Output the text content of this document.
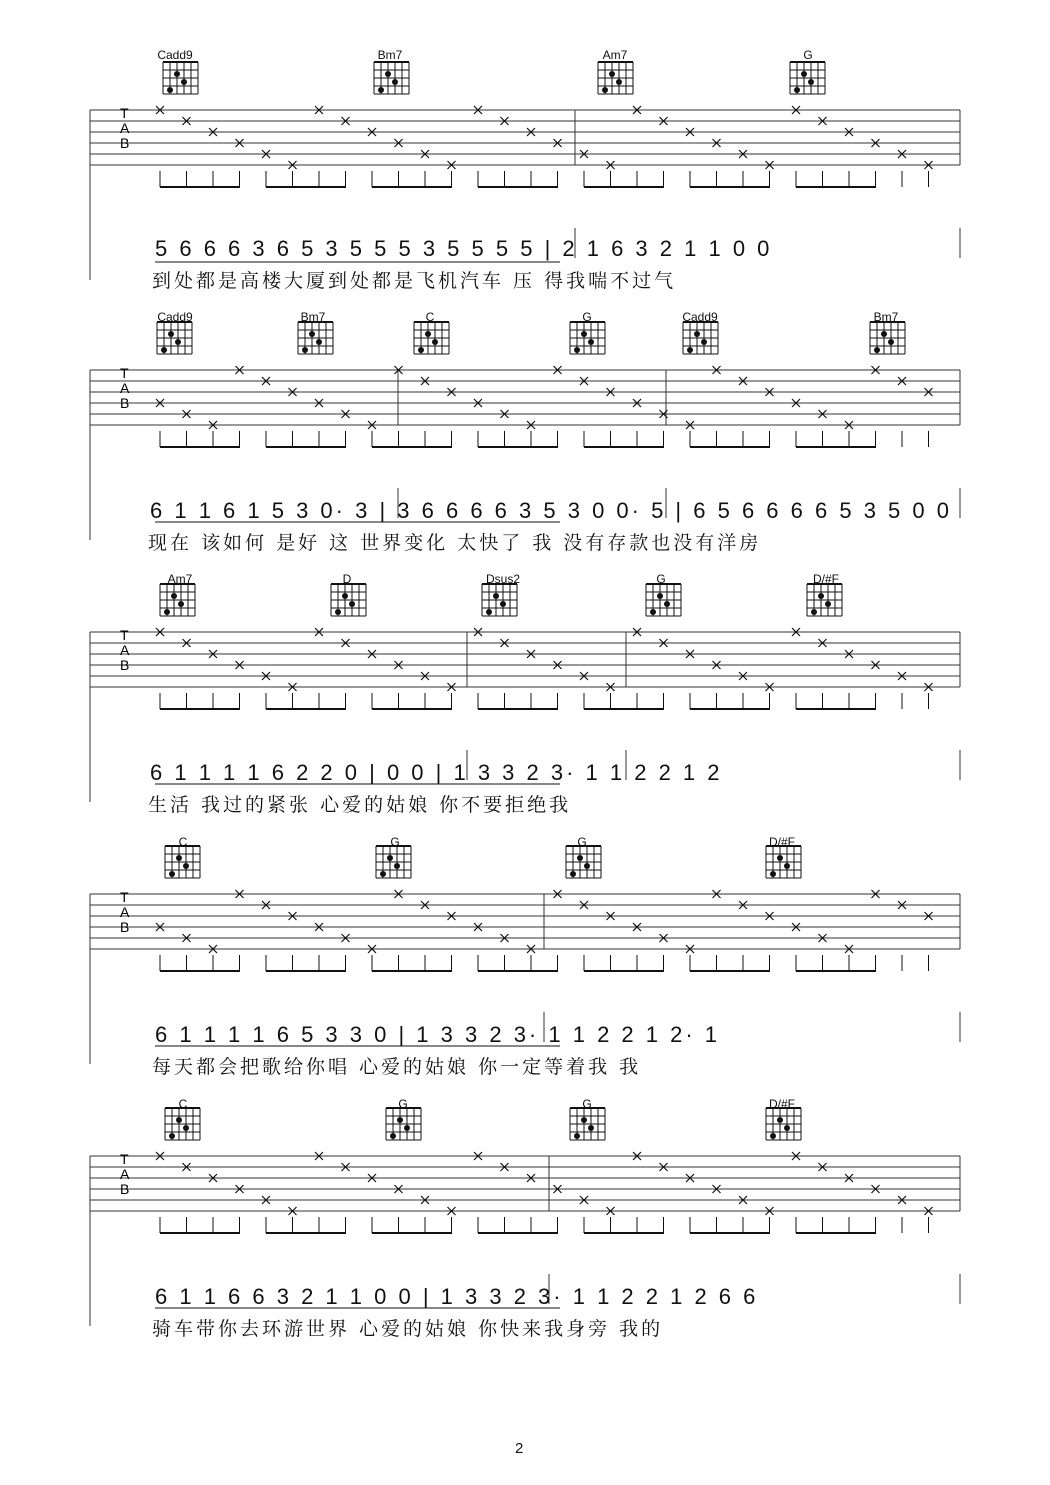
T
A
B
T
A
B
T
A
B
T
A
B
T
A
B
Cadd9	Bm7	Am7	G
Cadd9	Bm7	C	G	Cadd9	Bm7
Am7	D	Dsus2	G	D/#F
C	G	G	D/#F
C	G	G	D/#F
5 6 6 6 3 6 5 3 5 5 5 3 5 5 5 5 | 2 1 6 3 2 1 1 0 0
6 1 1 6 1 5 3 0· 3 | 3 6 6 6 6 3 5 3 0 0· 5 | 6 5 6 6 6 6 5 3 5 0 0
6 1 1 1 1 6 2 2 0 | 0 0 | 1 3 3 2 3· 1 1 2 2 1 2
6 1 1 1 1 6 5 3 3 0 | 1 3 3 2 3· 1 1 2 2 1 2· 1
6 1 1 6 6 3 2 1 1 0 0 | 1 3 3 2 3· 1 1 2 2 1 2 6 6
到处都是高楼大厦到处都是飞机汽车 压 得我喘不过气
现在 该如何 是好 这 世界变化 太快了 我 没有存款也没有洋房
生活 我过的紧张 心爱的姑娘 你不要拒绝我
每天都会把歌给你唱 心爱的姑娘 你一定等着我 我
骑车带你去环游世界 心爱的姑娘 你快来我身旁 我的
2
